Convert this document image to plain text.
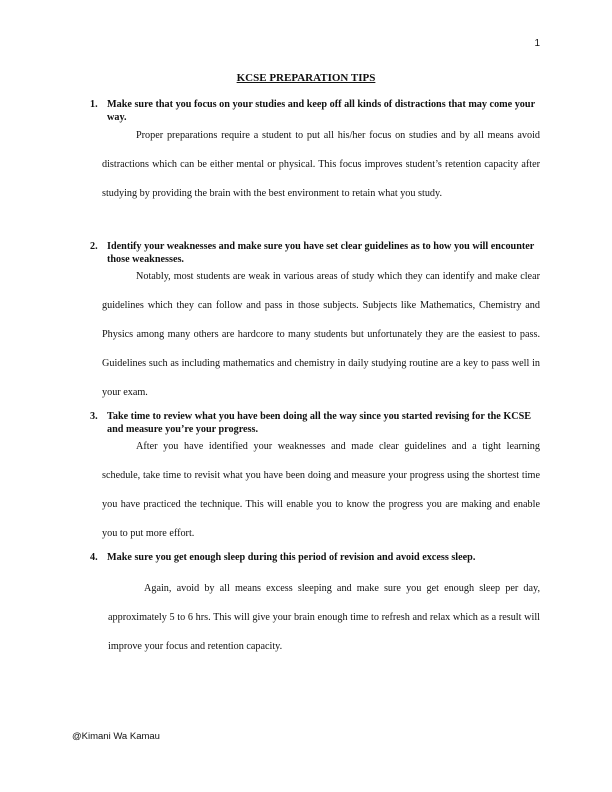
1
KCSE PREPARATION TIPS
1. Make sure that you focus on your studies and keep off all kinds of distractions that may come your way.
Proper preparations require a student to put all his/her focus on studies and by all means avoid distractions which can be either mental or physical. This focus improves student’s retention capacity after studying by providing the brain with the best environment to retain what you study.
2. Identify your weaknesses and make sure you have set clear guidelines as to how you will encounter those weaknesses.
Notably, most students are weak in various areas of study which they can identify and make clear guidelines which they can follow and pass in those subjects. Subjects like Mathematics, Chemistry and Physics among many others are hardcore to many students but unfortunately they are the easiest to pass. Guidelines such as including mathematics and chemistry in daily studying routine are a key to pass well in your exam.
3. Take time to review what you have been doing all the way since you started revising for the KCSE and measure you’re your progress.
After you have identified your weaknesses and made clear guidelines and a tight learning schedule, take time to revisit what you have been doing and measure your progress using the shortest time you have practiced the technique. This will enable you to know the progress you are making and enable you to put more effort.
4. Make sure you get enough sleep during this period of revision and avoid excess sleep.
Again, avoid by all means excess sleeping and make sure you get enough sleep per day, approximately 5 to 6 hrs. This will give your brain enough time to refresh and relax which as a result will improve your focus and retention capacity.
@Kimani Wa Kamau
